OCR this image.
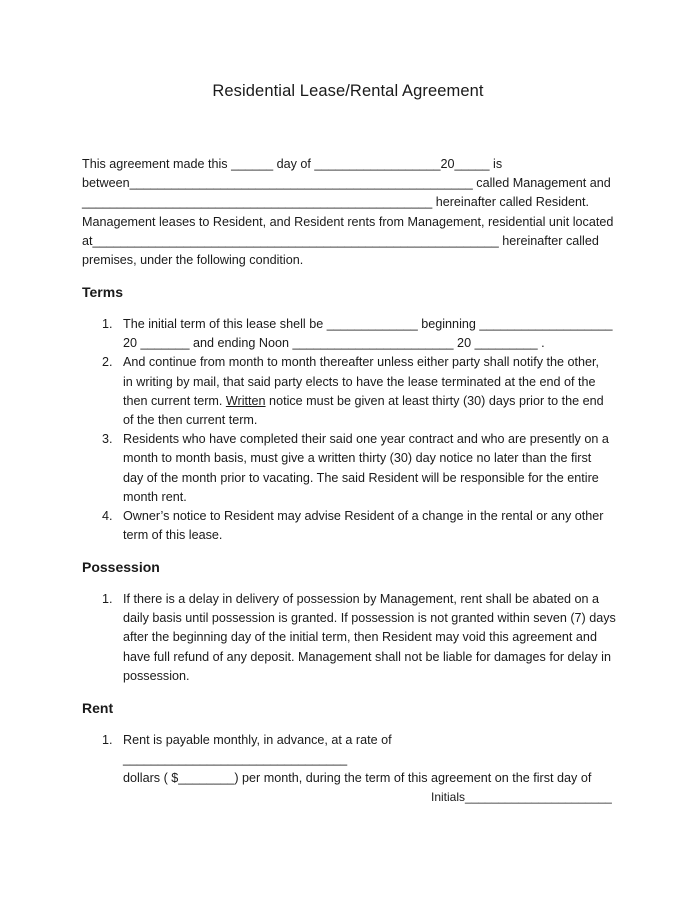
Residential Lease/Rental Agreement
This agreement made this ______ day of __________________20_____ is
between_________________________________________________ called Management and
__________________________________________________ hereinafter called Resident.
Management leases to Resident, and Resident rents from Management, residential unit located
at__________________________________________________________ hereinafter called
premises, under the following condition.
Terms
1. The initial term of this lease shell be _____________ beginning ___________________
20 _______ and ending Noon _______________________ 20 _________ .
2. And continue from month to month thereafter unless either party shall notify the other,
in writing by mail, that said party elects to have the lease terminated at the end of the
then current term. Written notice must be given at least thirty (30) days prior to the end
of the then current term.
3. Residents who have completed their said one year contract and who are presently on a
month to month basis, must give a written thirty (30) day notice no later than the first
day of the month prior to vacating. The said Resident will be responsible for the entire
month rent.
4. Owner’s notice to Resident may advise Resident of a change in the rental or any other
term of this lease.
Possession
1. If there is a delay in delivery of possession by Management, rent shall be abated on a
daily basis until possession is granted. If possession is not granted within seven (7) days
after the beginning day of the initial term, then Resident may void this agreement and
have full refund of any deposit. Management shall not be liable for damages for delay in
possession.
Rent
1. Rent is payable monthly, in advance, at a rate of ________________________________
dollars ( $________) per month, during the term of this agreement on the first day of
Initials______________________
